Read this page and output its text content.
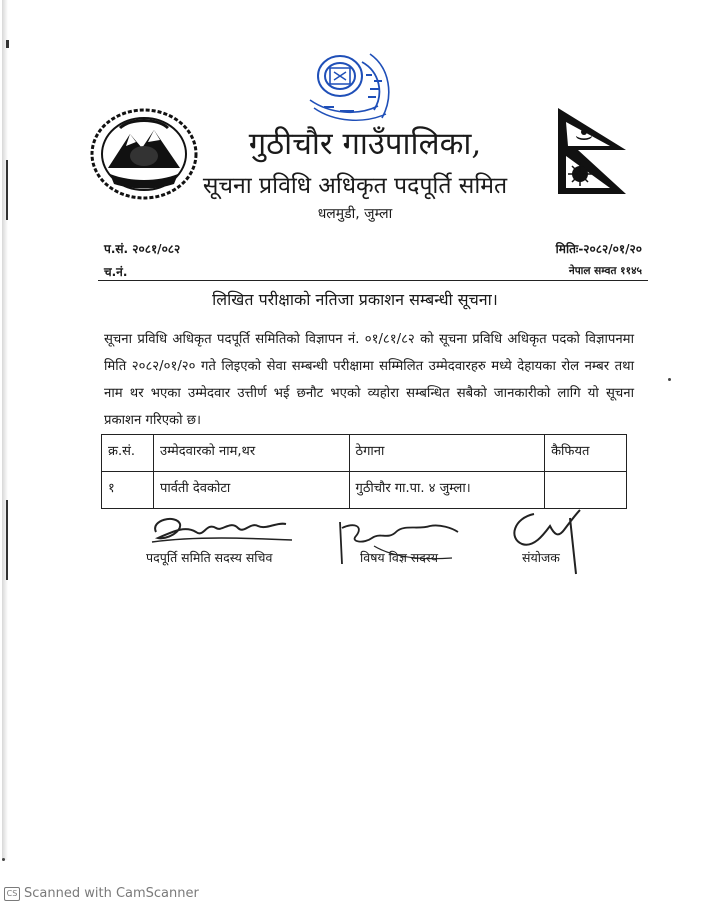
———————
गुठीचौर गाउँपालिका,
सूचना प्रविधि अधिकृत पदपूर्ति समित
धलमुडी, जुम्ला
प.सं. २०८१/०८२
च.नं.
मितिः-२०८२/०१/२०
नेपाल सम्वत ११४५
लिखित परीक्षाको नतिजा प्रकाशन सम्बन्धी सूचना।
सूचना प्रविधि अधिकृत पदपूर्ति समितिको विज्ञापन नं. ०१/८१/८२ को सूचना प्रविधि अधिकृत पदको विज्ञापनमा मिति २०८२/०१/२० गते लिइएको सेवा सम्बन्धी परीक्षामा सम्मिलित उम्मेदवारहरु मध्ये देहायका रोल नम्बर तथा नाम थर भएका उम्मेदवार उत्तीर्ण भई छनौट भएको व्यहोरा सम्बन्धित सबैको जानकारीको लागि यो सूचना प्रकाशन गरिएको छ।
क्र.सं.	उम्मेदवारको नाम,थर	ठेगाना	कैफियत
१	पार्वती देवकोटा	गुठीचौर गा.पा. ४ जुम्ला।	
पदपूर्ति समिति सदस्य सचिव	विषय विज्ञ सदस्य	संयोजक
CS Scanned with CamScanner
